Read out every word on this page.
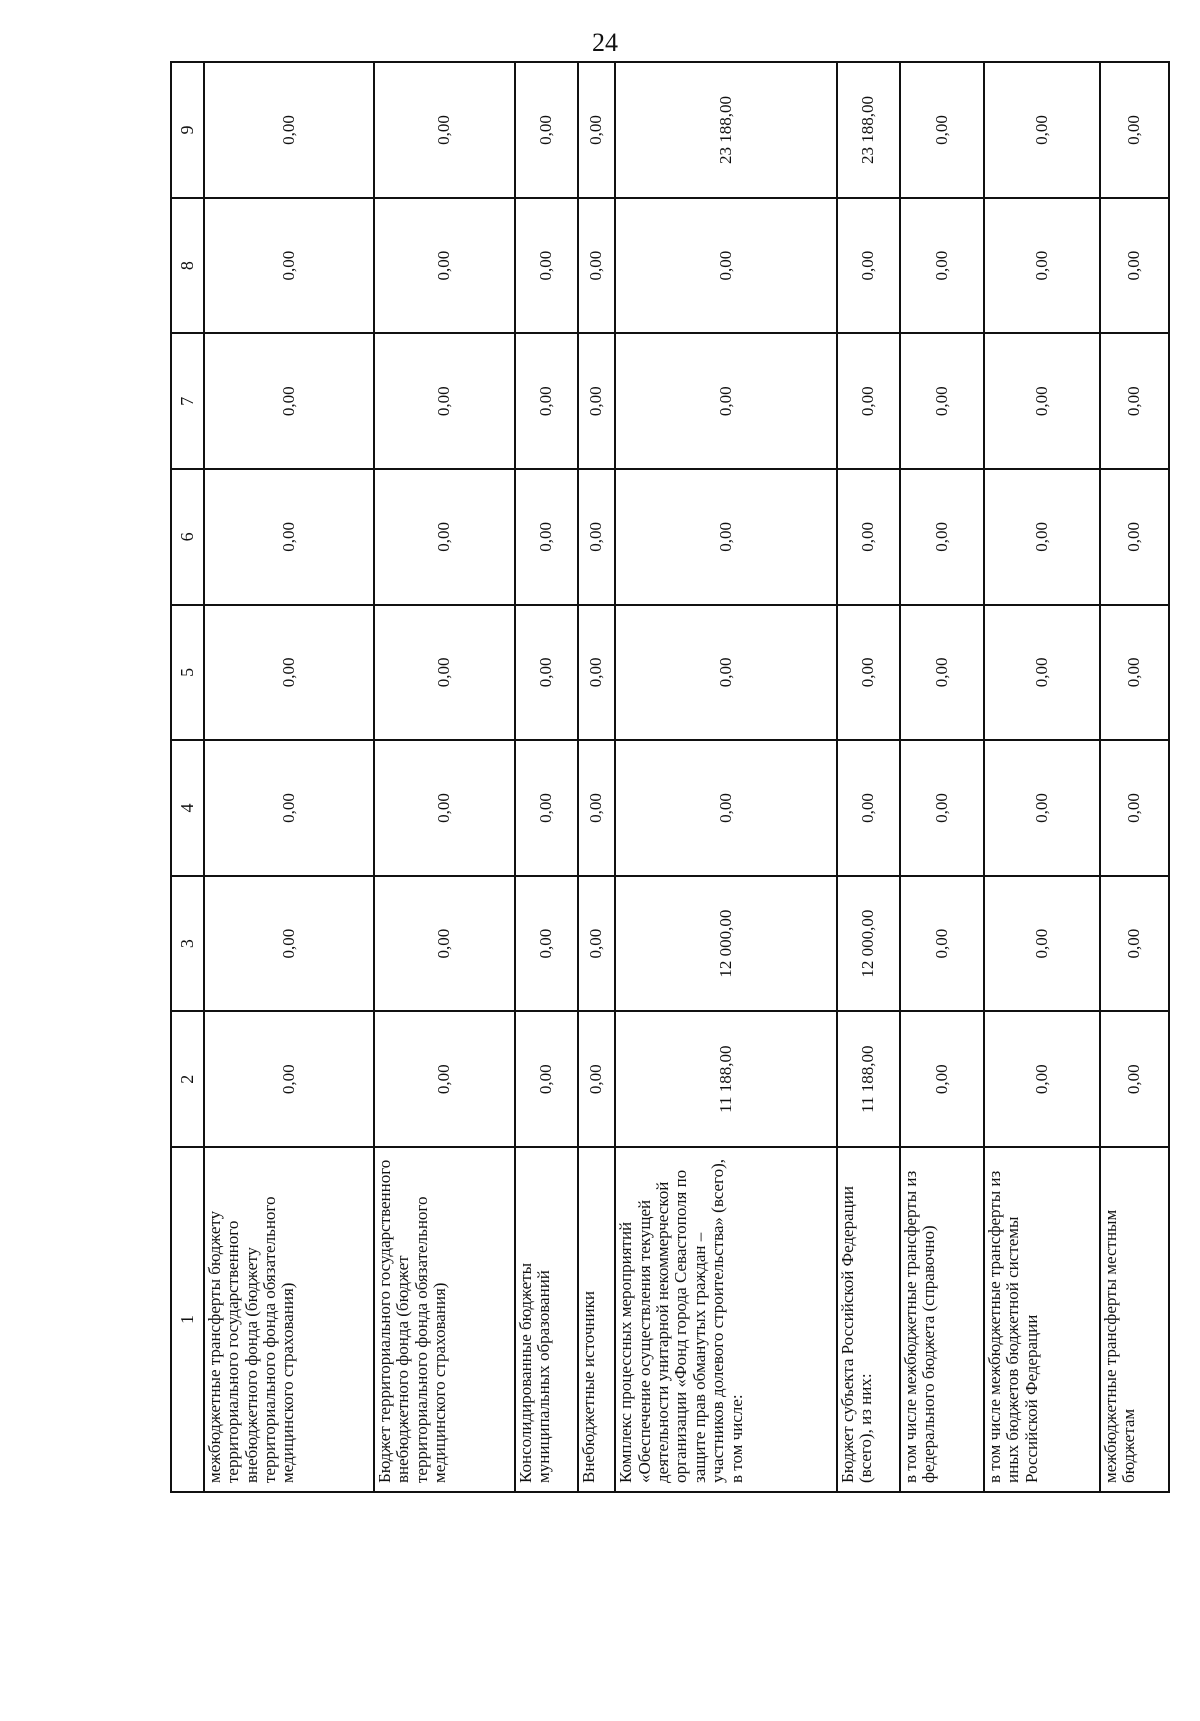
24
1	2	3	4	5	6	7	8	9
межбюджетные трансферты бюджету территориального государственного внебюджетного фонда (бюджету территориального фонда обязательного медицинского страхования)	0,00	0,00	0,00	0,00	0,00	0,00	0,00	0,00
Бюджет территориального государственного внебюджетного фонда (бюджет территориального фонда обязательного медицинского страхования)	0,00	0,00	0,00	0,00	0,00	0,00	0,00	0,00
Консолидированные бюджеты муниципальных образований	0,00	0,00	0,00	0,00	0,00	0,00	0,00	0,00
Внебюджетные источники	0,00	0,00	0,00	0,00	0,00	0,00	0,00	0,00
Комплекс процессных мероприятий «Обеспечение осуществления текущей деятельности унитарной некоммерческой организации «Фонд города Севастополя по защите прав обманутых граждан – участников долевого строительства» (всего), в том числе:	11 188,00	12 000,00	0,00	0,00	0,00	0,00	0,00	23 188,00
Бюджет субъекта Российской Федерации (всего), из них:	11 188,00	12 000,00	0,00	0,00	0,00	0,00	0,00	23 188,00
в том числе межбюджетные трансферты из федерального бюджета (справочно)	0,00	0,00	0,00	0,00	0,00	0,00	0,00	0,00
в том числе межбюджетные трансферты из иных бюджетов бюджетной системы Российской Федерации	0,00	0,00	0,00	0,00	0,00	0,00	0,00	0,00
межбюджетные трансферты местным бюджетам	0,00	0,00	0,00	0,00	0,00	0,00	0,00	0,00
